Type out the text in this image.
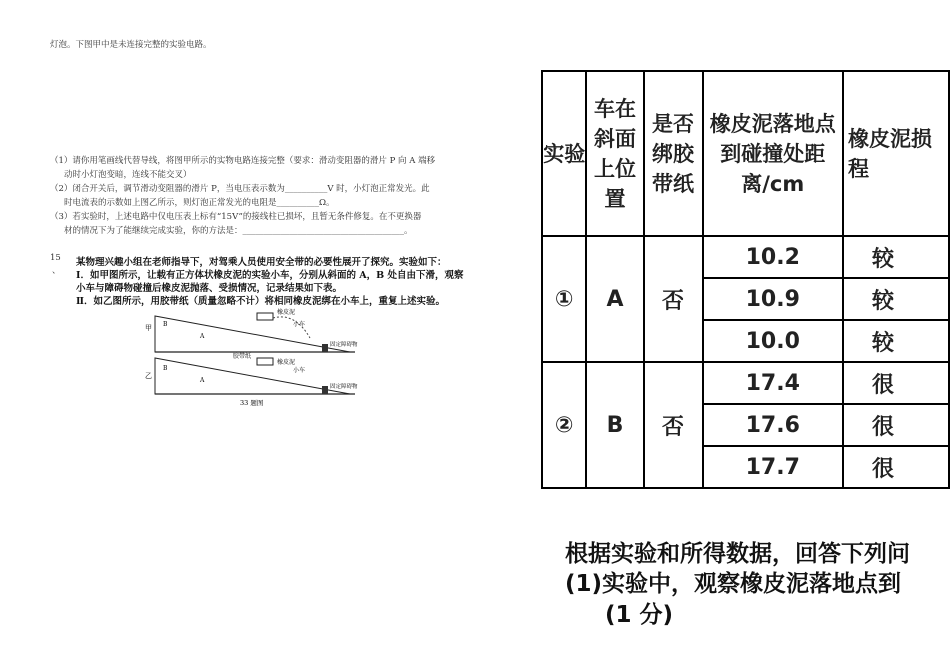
灯泡。下图甲中是未连接完整的实验电路。
（1）请你用笔画线代替导线，将图甲所示的实物电路连接完整（要求：滑动变阻器的滑片 P 向 A 端移
动时小灯泡变暗，连线不能交叉）
（2）闭合开关后，调节滑动变阻器的滑片 P，当电压表示数为__________V 时，小灯泡正常发光。此
时电流表的示数如上图乙所示，则灯泡正常发光的电阻是__________Ω。
（3）若实验时，上述电路中仅电压表上标有“15V”的接线柱已损坏，且暂无条件修复。在不更换器
材的情况下为了能继续完成实验，你的方法是：______________________________________。
15
、
某物理兴趣小组在老师指导下，对驾乘人员使用安全带的必要性展开了探究。实验如下：
Ⅰ．如甲图所示，让载有正方体状橡皮泥的实验小车，分别从斜面的 A，B 处自由下滑，观察
小车与障碍物碰撞后橡皮泥抛落、受损情况，记录结果如下表。
Ⅱ．如乙图所示，用胶带纸（质量忽略不计）将相同橡皮泥绑在小车上，重复上述实验。
甲 B
A
橡皮泥
小车
固定障碍物
乙
B
A
胶带纸
橡皮泥
小车
固定障碍物
33 题图
实验	车在斜面上位置	是否绑胶带纸	橡皮泥落地点到碰撞处距离/cm	橡皮泥损程
①	A	否	10.2	较
			10.9	较
			10.0	较
②	B	否	17.4	很
			17.6	很
			17.7	很
根据实验和所得数据，回答下列问
(1)实验中，观察橡皮泥落地点到
(1 分)
